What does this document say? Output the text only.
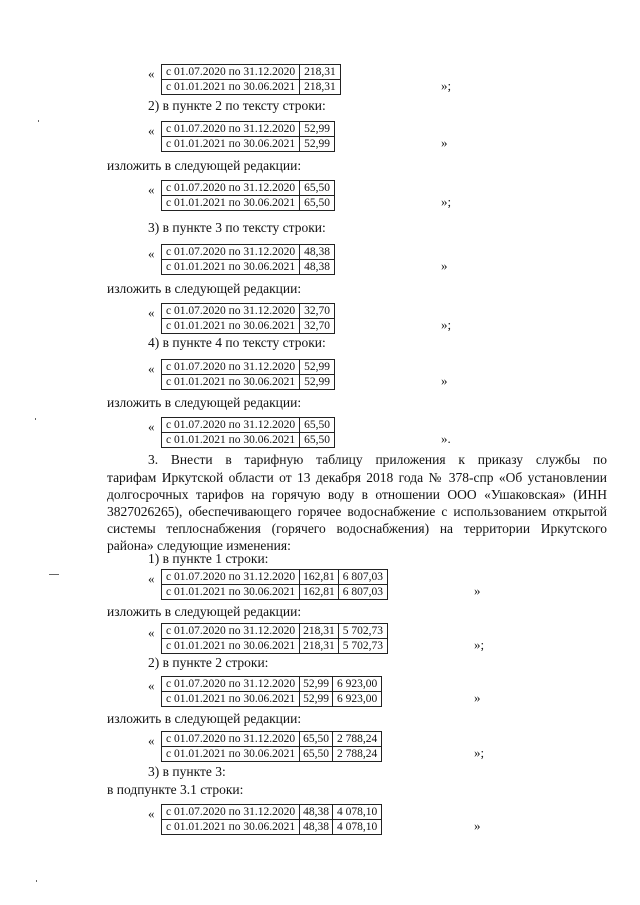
« с 01.07.2020 по 31.12.2020	218,31
с 01.01.2021 по 30.06.2021	218,31	»;
2) в пункте 2 по тексту строки:
« с 01.07.2020 по 31.12.2020	52,99
с 01.01.2021 по 30.06.2021	52,99	»
изложить в следующей редакции:
« с 01.07.2020 по 31.12.2020	65,50
с 01.01.2021 по 30.06.2021	65,50	»;
3) в пункте 3 по тексту строки:
« с 01.07.2020 по 31.12.2020	48,38
с 01.01.2021 по 30.06.2021	48,38	»
изложить в следующей редакции:
« с 01.07.2020 по 31.12.2020	32,70
с 01.01.2021 по 30.06.2021	32,70	»;
4) в пункте 4 по тексту строки:
« с 01.07.2020 по 31.12.2020	52,99
с 01.01.2021 по 30.06.2021	52,99	»
изложить в следующей редакции:
« с 01.07.2020 по 31.12.2020	65,50
с 01.01.2021 по 30.06.2021	65,50	».
3. Внести в тарифную таблицу приложения к приказу службы по
тарифам Иркутской области от 13 декабря 2018 года № 378-спр «Об установлении долгосрочных тарифов на горячую воду в отношении ООО «Ушаковская» (ИНН 3827026265), обеспечивающего горячее водоснабжение с использованием открытой системы теплоснабжения (горячего водоснабжения) на территории Иркутского района» следующие изменения:
1) в пункте 1 строки:
« с 01.07.2020 по 31.12.2020	162,81	6 807,03
с 01.01.2021 по 30.06.2021	162,81	6 807,03	»
изложить в следующей редакции:
« с 01.07.2020 по 31.12.2020	218,31	5 702,73
с 01.01.2021 по 30.06.2021	218,31	5 702,73	»;
2) в пункте 2 строки:
« с 01.07.2020 по 31.12.2020	52,99	6 923,00
с 01.01.2021 по 30.06.2021	52,99	6 923,00	»
изложить в следующей редакции:
« с 01.07.2020 по 31.12.2020	65,50	2 788,24
с 01.01.2021 по 30.06.2021	65,50	2 788,24	»;
3) в пункте 3:
в подпункте 3.1 строки:
« с 01.07.2020 по 31.12.2020	48,38	4 078,10
с 01.01.2021 по 30.06.2021	48,38	4 078,10	»
